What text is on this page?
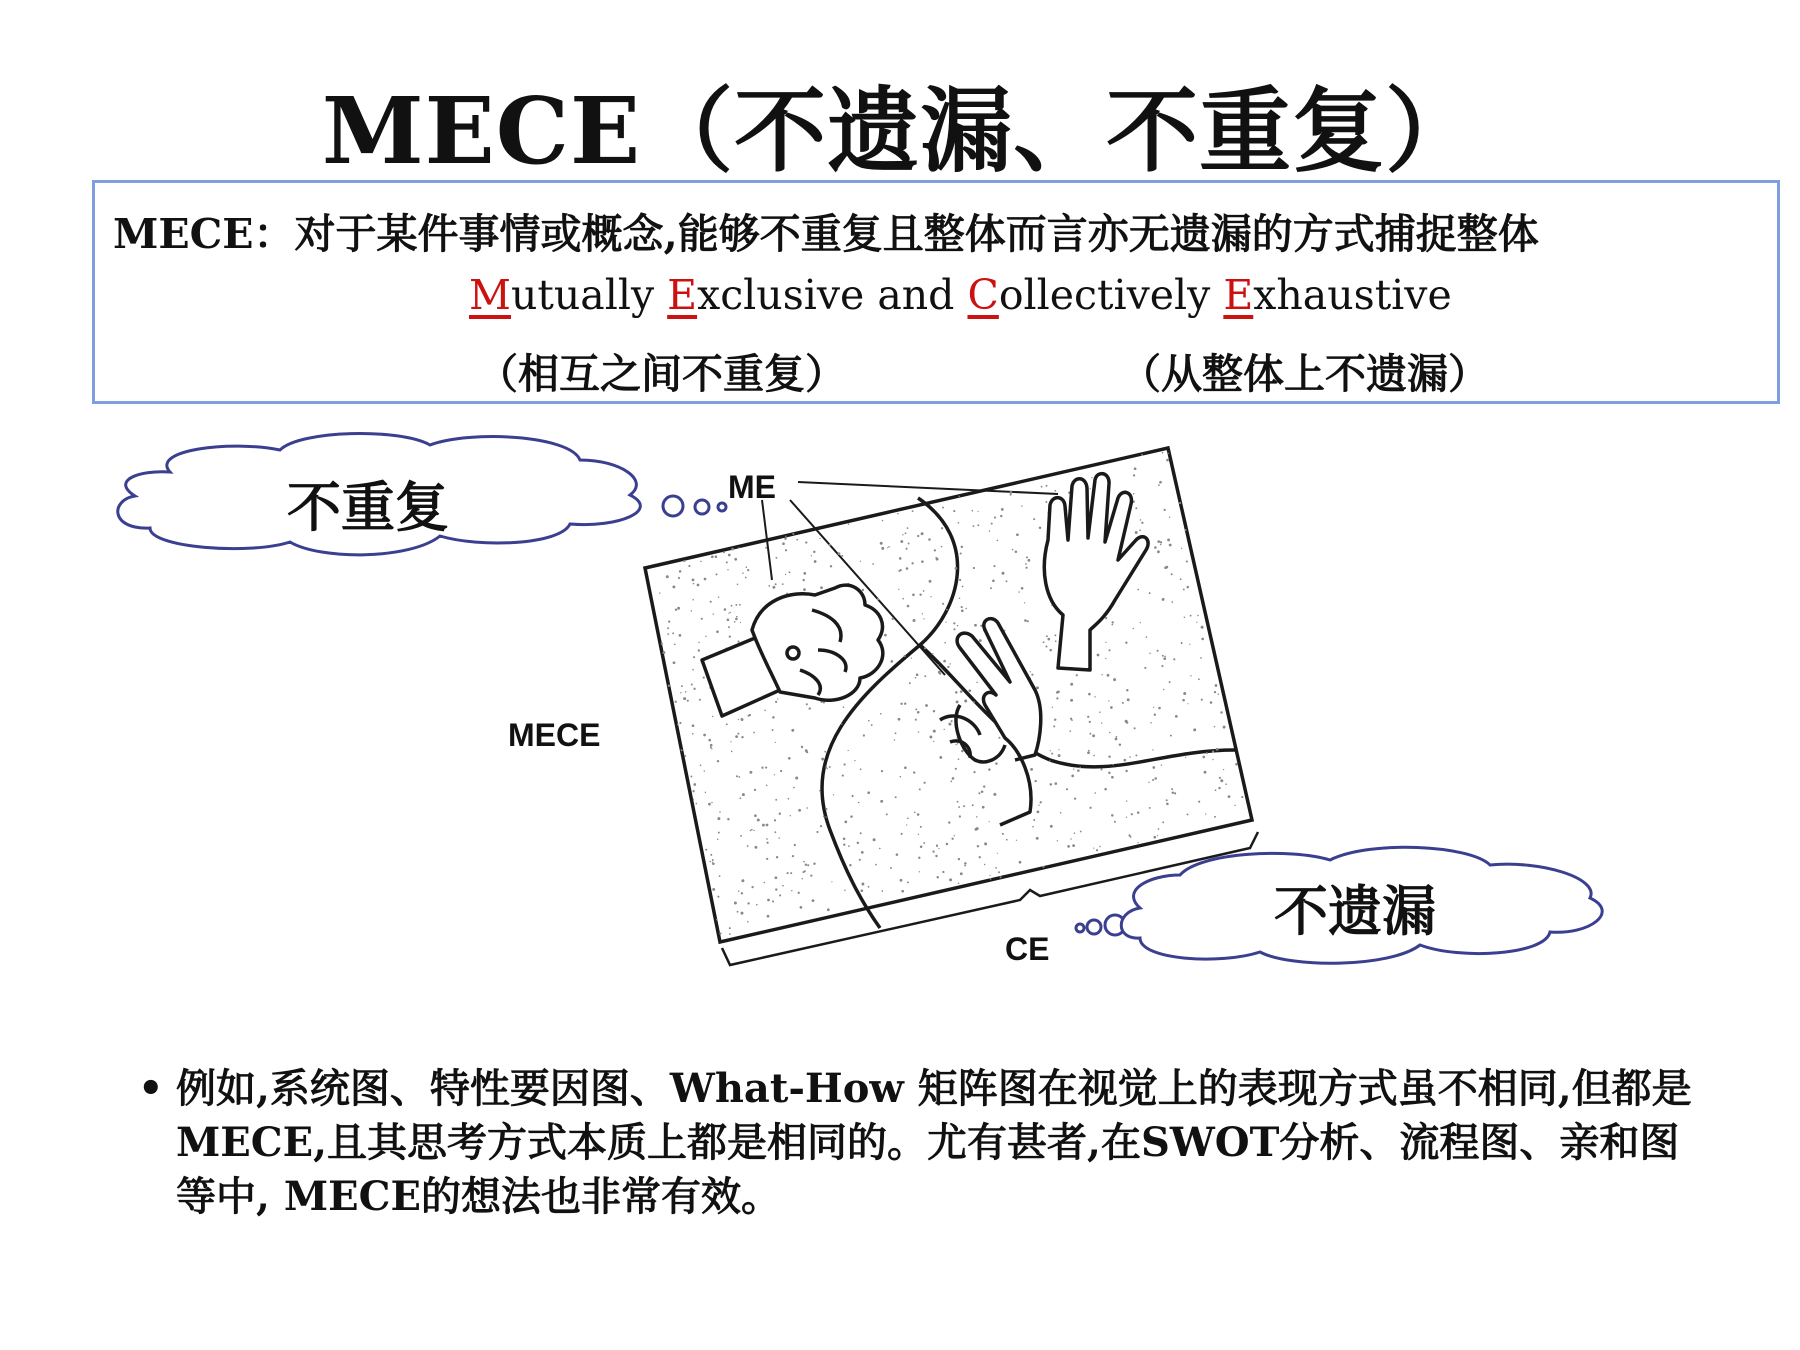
MECE（不遗漏、不重复）
MECE：对于某件事情或概念,能够不重复且整体而言亦无遗漏的方式捕捉整体
Mutually Exclusive and Collectively Exhaustive
（相互之间不重复）	（从整体上不遗漏）
不重复
不遗漏
ME
MECE
CE
• 例如,系统图、特性要因图、What-How 矩阵图在视觉上的表现方式虽不相同,但都是MECE,且其思考方式本质上都是相同的。尤有甚者,在SWOT分析、流程图、亲和图等中, MECE的想法也非常有效。
